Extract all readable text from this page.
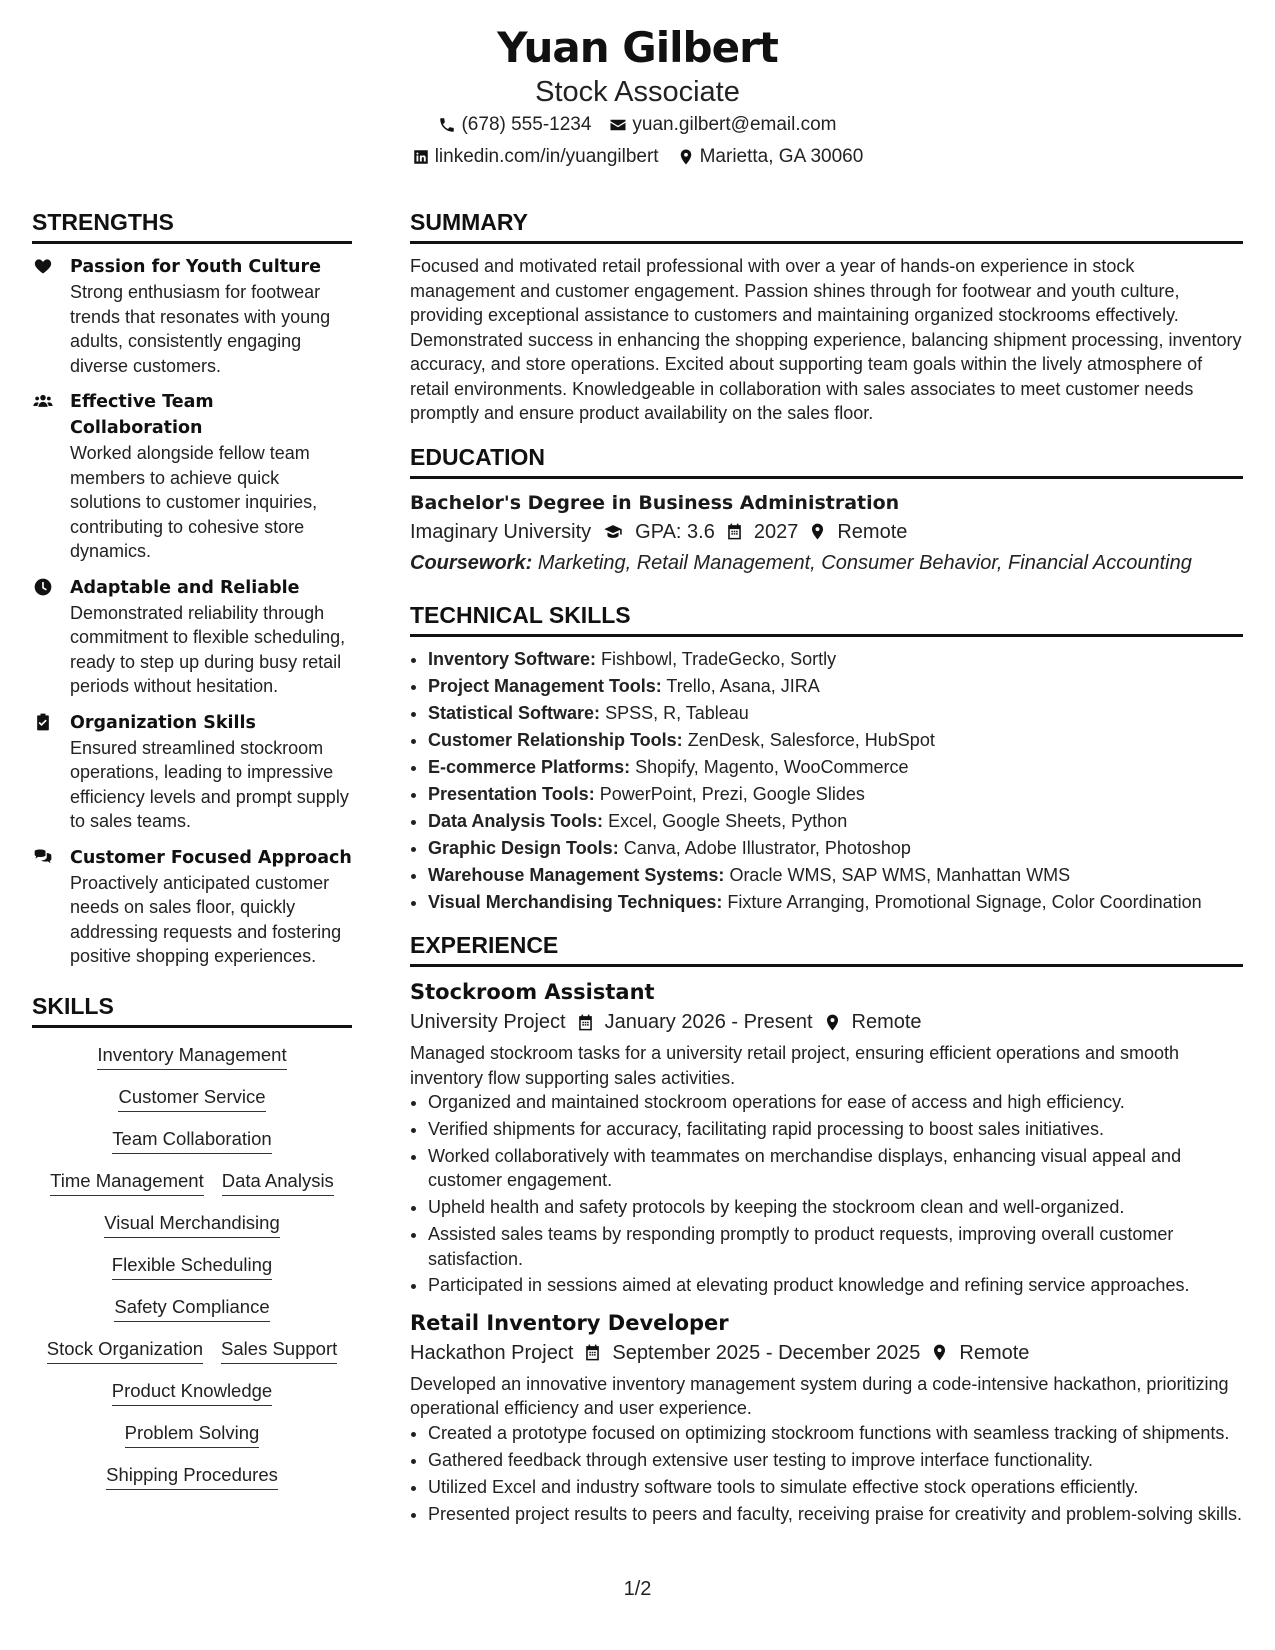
Yuan Gilbert
Stock Associate
(678) 555-1234 yuan.gilbert@email.com
linkedin.com/in/yuangilbert Marietta, GA 30060
STRENGTHS
Passion for Youth Culture
Strong enthusiasm for footwear trends that resonates with young adults, consistently engaging diverse customers.
Effective Team Collaboration
Worked alongside fellow team members to achieve quick solutions to customer inquiries, contributing to cohesive store dynamics.
Adaptable and Reliable
Demonstrated reliability through commitment to flexible scheduling, ready to step up during busy retail periods without hesitation.
Organization Skills
Ensured streamlined stockroom operations, leading to impressive efficiency levels and prompt supply to sales teams.
Customer Focused Approach
Proactively anticipated customer needs on sales floor, quickly addressing requests and fostering positive shopping experiences.
SKILLS
Inventory Management
Customer Service
Team Collaboration
Time Management Data Analysis
Visual Merchandising
Flexible Scheduling
Safety Compliance
Stock Organization Sales Support
Product Knowledge
Problem Solving
Shipping Procedures
SUMMARY
Focused and motivated retail professional with over a year of hands-on experience in stock management and customer engagement. Passion shines through for footwear and youth culture, providing exceptional assistance to customers and maintaining organized stockrooms effectively. Demonstrated success in enhancing the shopping experience, balancing shipment processing, inventory accuracy, and store operations. Excited about supporting team goals within the lively atmosphere of retail environments. Knowledgeable in collaboration with sales associates to meet customer needs promptly and ensure product availability on the sales floor.
EDUCATION
Bachelor's Degree in Business Administration
Imaginary University GPA: 3.6 2027 Remote
Coursework: Marketing, Retail Management, Consumer Behavior, Financial Accounting
TECHNICAL SKILLS
• Inventory Software: Fishbowl, TradeGecko, Sortly
• Project Management Tools: Trello, Asana, JIRA
• Statistical Software: SPSS, R, Tableau
• Customer Relationship Tools: ZenDesk, Salesforce, HubSpot
• E-commerce Platforms: Shopify, Magento, WooCommerce
• Presentation Tools: PowerPoint, Prezi, Google Slides
• Data Analysis Tools: Excel, Google Sheets, Python
• Graphic Design Tools: Canva, Adobe Illustrator, Photoshop
• Warehouse Management Systems: Oracle WMS, SAP WMS, Manhattan WMS
• Visual Merchandising Techniques: Fixture Arranging, Promotional Signage, Color Coordination
EXPERIENCE
Stockroom Assistant
University Project January 2026 - Present Remote
Managed stockroom tasks for a university retail project, ensuring efficient operations and smooth inventory flow supporting sales activities.
• Organized and maintained stockroom operations for ease of access and high efficiency.
• Verified shipments for accuracy, facilitating rapid processing to boost sales initiatives.
• Worked collaboratively with teammates on merchandise displays, enhancing visual appeal and customer engagement.
• Upheld health and safety protocols by keeping the stockroom clean and well-organized.
• Assisted sales teams by responding promptly to product requests, improving overall customer satisfaction.
• Participated in sessions aimed at elevating product knowledge and refining service approaches.
Retail Inventory Developer
Hackathon Project September 2025 - December 2025 Remote
Developed an innovative inventory management system during a code-intensive hackathon, prioritizing operational efficiency and user experience.
• Created a prototype focused on optimizing stockroom functions with seamless tracking of shipments.
• Gathered feedback through extensive user testing to improve interface functionality.
• Utilized Excel and industry software tools to simulate effective stock operations efficiently.
• Presented project results to peers and faculty, receiving praise for creativity and problem-solving skills.
1/2
